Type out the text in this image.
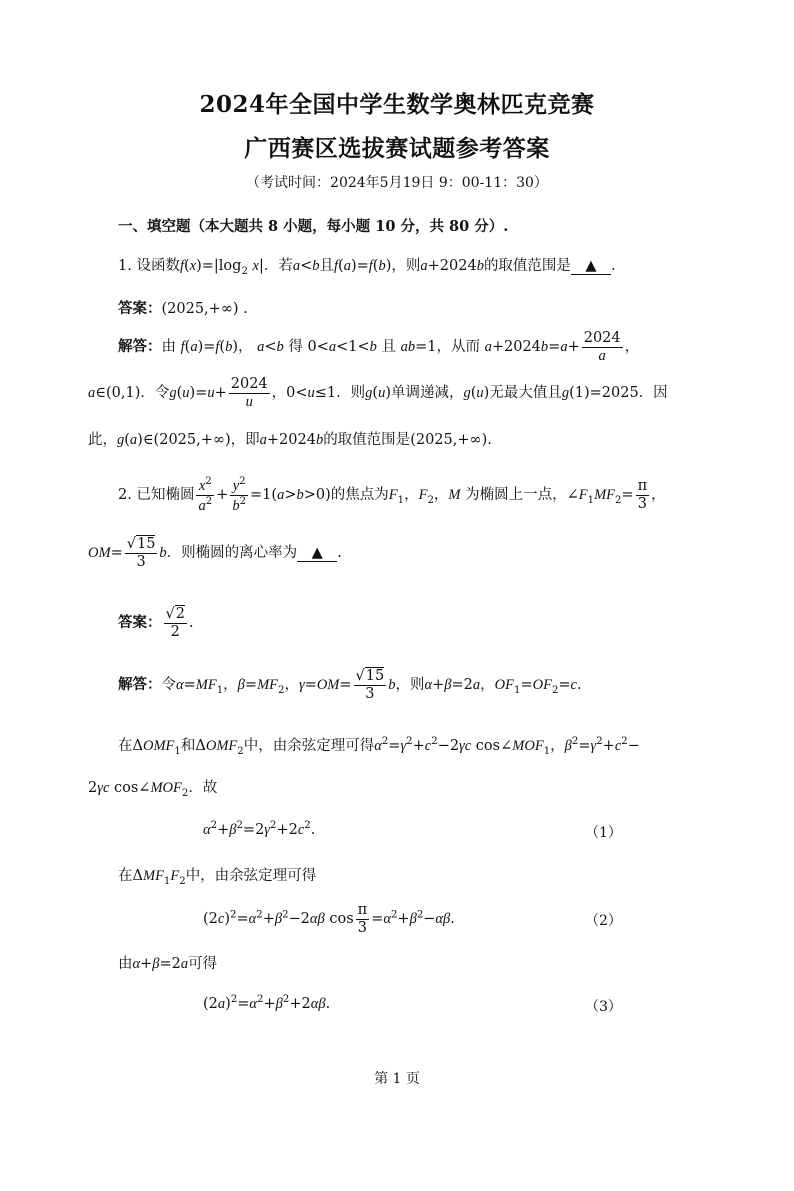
2024年全国中学生数学奥林匹克竞赛
广西赛区选拔赛试题参考答案
（考试时间：2024年5月19日 9：00-11：30）
一、填空题（本大题共 8 小题，每小题 10 分，共 80 分）.
1. 设函数$f(x)=|\log_2$ x|．若a<b且f(a)=f(b)，则a+2024b的取值范围是 ▲ .
答案：(2025,+∞) .
解答：由 f(a)=f(b)， a<b 得 0<a<1<b 且 ab=1，从而 $a+2024b=a+ \frac{2024}{a}$ ，
a∈(0,1)．令$g(u)=u+ \frac{2024}{u}$ ，0<u≤1．则g(u)单调递减，g(u)无最大值且g(1)=2025．因
此，g(a)∈(2025,+∞)，即a+2024b的取值范围是(2025,+∞).
2. 已知椭圆 $\frac{x^2}{a^2} + \frac{y^2}{b^2} =1(a>b>0)$的焦点为$F_1$，$F_2$，M 为椭圆上一点，$\angle F_1MF_2= \frac{\pi}{3}$ ，
$OM= \frac{√15}{3}$ b．则椭圆的离心率为 ▲ .
答案： $\frac{√2}{2}$ .
解答：令$\alpha=MF_1$，$\beta=MF_2$，$\gamma=OM= \frac{√15}{3}$ b，则α+β=2a，$OF_1=OF_2=c$.
在$\Delta OMF_1$和$\Delta OMF_2$中，由余弦定理可得$\alpha^2=\gamma^2+c^2-2\gamma c$ $\cos\angle MOF_1$，$\beta^2=\gamma^2+c^2-$
2γc $\cos\angle MOF_2$．故
$\alpha^2+\beta^2=2\gamma^2+2c^2$.	（1）
在$\Delta MF_1F_2$中，由余弦定理可得
$(2c)^2=\alpha^2+\beta^2-2\alpha\beta$ $\cos \frac{\pi}{3} =\alpha^2+\beta^2-\alpha\beta$.	（2）
由α+β=2a可得
$(2a)^2=\alpha^2+\beta^2+2\alpha\beta$.	（3）
第 1 页
